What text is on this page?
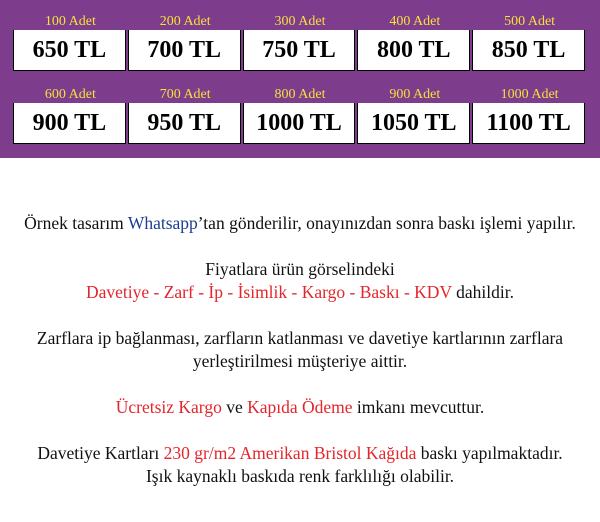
100 Adet
650 TL
200 Adet
700 TL
300 Adet
750 TL
400 Adet
800 TL
500 Adet
850 TL
600 Adet
900 TL
700 Adet
950 TL
800 Adet
1000 TL
900 Adet
1050 TL
1000 Adet
1100 TL

Örnek tasarım Whatsapp’tan gönderilir, onayınızdan sonra baskı işlemi yapılır.

Fiyatlara ürün görselindeki

Davetiye - Zarf - İp - İsimlik - Kargo - Baskı - KDV dahildir.

Zarflara ip bağlanması, zarfların katlanması ve davetiye kartlarının zarflara

yerleştirilmesi müşteriye aittir.

Ücretsiz Kargo ve Kapıda Ödeme imkanı mevcuttur.

Davetiye Kartları 230 gr/m2 Amerikan Bristol Kağıda baskı yapılmaktadır.

Işık kaynaklı baskıda renk farklılığı olabilir.
